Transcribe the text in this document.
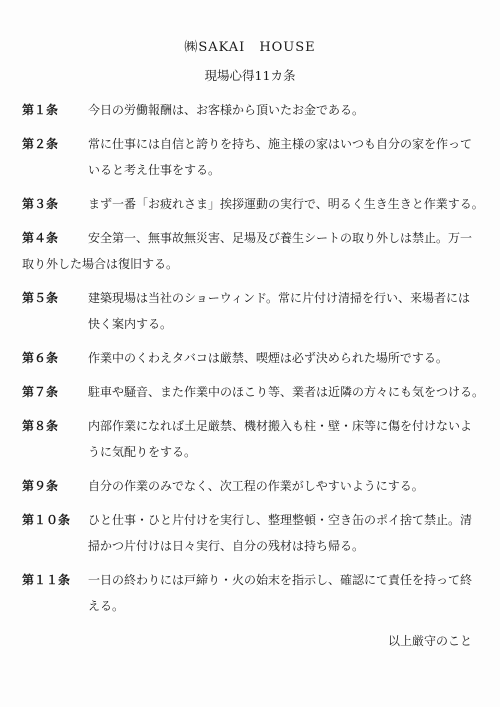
㈱SAKAI　HOUSE
現場心得11カ条
第１条	今日の労働報酬は、お客様から頂いたお金である。

第２条	常に仕事には自信と誇りを持ち、施主様の家はいつも自分の家を作って
いると考え仕事をする。

第３条	まず一番「お疲れさま」挨拶運動の実行で、明るく生き生きと作業する。

第４条	安全第一、無事故無災害、足場及び養生シートの取り外しは禁止。万一
取り外した場合は復旧する。

第５条	建築現場は当社のショーウィンド。常に片付け清掃を行い、来場者には
快く案内する。

第６条	作業中のくわえタバコは厳禁、喫煙は必ず決められた場所でする。

第７条	駐車や騒音、また作業中のほこり等、業者は近隣の方々にも気をつける。

第８条	内部作業になれば土足厳禁、機材搬入も柱・壁・床等に傷を付けないよ
うに気配りをする。

第９条	自分の作業のみでなく、次工程の作業がしやすいようにする。

第１０条	ひと仕事・ひと片付けを実行し、整理整頓・空き缶のポイ捨て禁止。清
掃かつ片付けは日々実行、自分の残材は持ち帰る。

第１１条	一日の終わりには戸締り・火の始末を指示し、確認にて責任を持って終
える。

以上厳守のこと
